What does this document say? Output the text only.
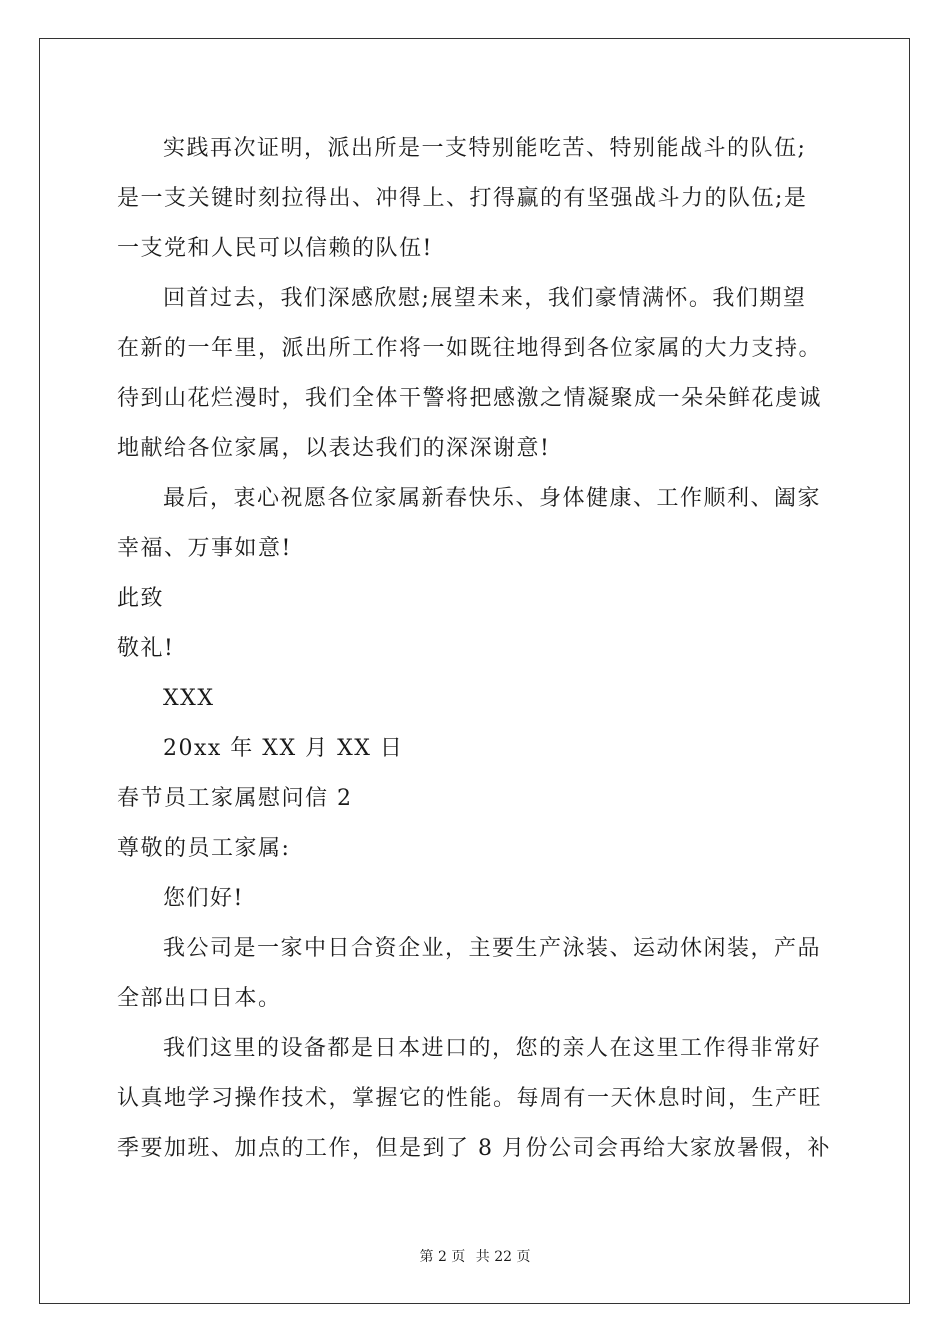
实践再次证明，派出所是一支特别能吃苦、特别能战斗的队伍;
是一支关键时刻拉得出、冲得上、打得赢的有坚强战斗力的队伍;是
一支党和人民可以信赖的队伍!
回首过去，我们深感欣慰;展望未来，我们豪情满怀。我们期望
在新的一年里，派出所工作将一如既往地得到各位家属的大力支持。
待到山花烂漫时，我们全体干警将把感激之情凝聚成一朵朵鲜花虔诚
地献给各位家属，以表达我们的深深谢意!
最后，衷心祝愿各位家属新春快乐、身体健康、工作顺利、阖家
幸福、万事如意!
此致
敬礼!
XXX
20xx 年 XX 月 XX 日
春节员工家属慰问信 2
尊敬的员工家属:
您们好!
我公司是一家中日合资企业，主要生产泳装、运动休闲装，产品
全部出口日本。
我们这里的设备都是日本进口的，您的亲人在这里工作得非常好
认真地学习操作技术，掌握它的性能。每周有一天休息时间，生产旺
季要加班、加点的工作，但是到了 8 月份公司会再给大家放暑假，补
第 2 页 共 22 页
